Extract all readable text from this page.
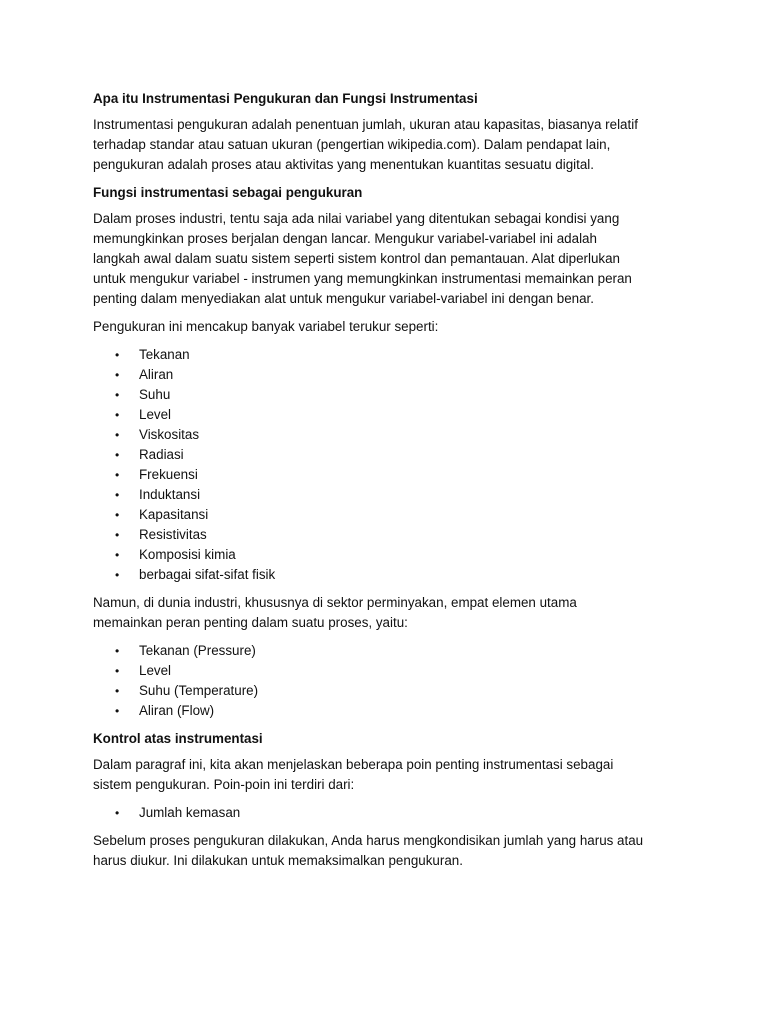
Apa itu Instrumentasi Pengukuran dan Fungsi Instrumentasi
Instrumentasi pengukuran adalah penentuan jumlah, ukuran atau kapasitas, biasanya relatif
terhadap standar atau satuan ukuran (pengertian wikipedia.com). Dalam pendapat lain,
pengukuran adalah proses atau aktivitas yang menentukan kuantitas sesuatu digital.
Fungsi instrumentasi sebagai pengukuran
Dalam proses industri, tentu saja ada nilai variabel yang ditentukan sebagai kondisi yang
memungkinkan proses berjalan dengan lancar. Mengukur variabel-variabel ini adalah
langkah awal dalam suatu sistem seperti sistem kontrol dan pemantauan. Alat diperlukan
untuk mengukur variabel - instrumen yang memungkinkan instrumentasi memainkan peran
penting dalam menyediakan alat untuk mengukur variabel-variabel ini dengan benar.
Pengukuran ini mencakup banyak variabel terukur seperti:
• Tekanan
• Aliran
• Suhu
• Level
• Viskositas
• Radiasi
• Frekuensi
• Induktansi
• Kapasitansi
• Resistivitas
• Komposisi kimia
• berbagai sifat-sifat fisik
Namun, di dunia industri, khususnya di sektor perminyakan, empat elemen utama
memainkan peran penting dalam suatu proses, yaitu:
• Tekanan (Pressure)
• Level
• Suhu (Temperature)
• Aliran (Flow)
Kontrol atas instrumentasi
Dalam paragraf ini, kita akan menjelaskan beberapa poin penting instrumentasi sebagai
sistem pengukuran. Poin-poin ini terdiri dari:
• Jumlah kemasan
Sebelum proses pengukuran dilakukan, Anda harus mengkondisikan jumlah yang harus atau
harus diukur. Ini dilakukan untuk memaksimalkan pengukuran.
